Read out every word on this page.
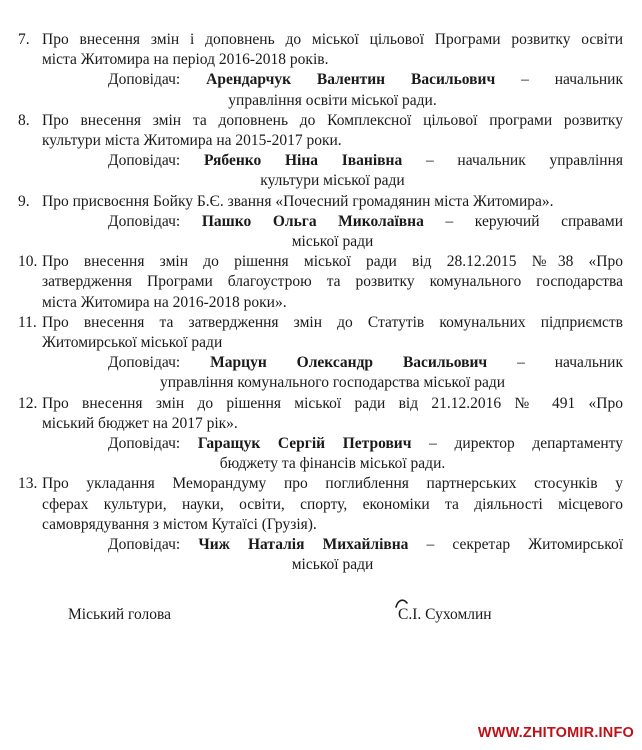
7. Про внесення змін і доповнень до міської цільової Програми розвитку освіти
міста Житомира на період 2016-2018 років.
Доповідач: Арендарчук Валентин Васильович – начальник
управління освіти міської ради.
8. Про внесення змін та доповнень до Комплексної цільової програми розвитку
культури міста Житомира на 2015-2017 роки.
Доповідач: Рябенко Ніна Іванівна – начальник управління
культури міської ради
9. Про присвоєння Бойку Б.Є. звання «Почесний громадянин міста Житомира».
Доповідач: Пашко Ольга Миколаївна – керуючий справами
міської ради
10. Про внесення змін до рішення міської ради від 28.12.2015 №38 «Про
затвердження Програми благоустрою та розвитку комунального господарства
міста Житомира на 2016-2018 роки».
11. Про внесення та затвердження змін до Статутів комунальних підприємств
Житомирської міської ради
Доповідач: Марцун Олександр Васильович – начальник
управління комунального господарства міської ради
12. Про внесення змін до рішення міської ради від 21.12.2016 № 491 «Про
міський бюджет на 2017 рік».
Доповідач: Гаращук Сергій Петрович – директор департаменту
бюджету та фінансів міської ради.
13. Про укладання Меморандуму про поглиблення партнерських стосунків у
сферах культури, науки, освіти, спорту, економіки та діяльності місцевого
самоврядування з містом Кутаїсі (Грузія).
Доповідач: Чиж Наталія Михайлівна – секретар Житомирської
міської ради
Міський голова	С.І. Сухомлин
WWW.ZHITOMIR.INFO
